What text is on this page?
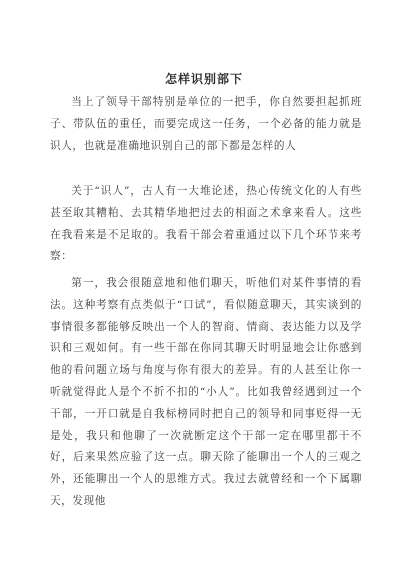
怎样识别部下

当上了领导干部特别是单位的一把手，你自然要担起抓班子、带队伍的重任，而要完成这一任务，一个必备的能力就是识人，也就是准确地识别自己的部下都是怎样的人

关于“识人”，古人有一大堆论述，热心传统文化的人有些甚至取其糟粕、去其精华地把过去的相面之术拿来看人。这些在我看来是不足取的。我看干部会着重通过以下几个环节来考察：

第一，我会很随意地和他们聊天，听他们对某件事情的看法。这种考察有点类似于“口试”，看似随意聊天，其实谈到的事情很多都能够反映出一个人的智商、情商、表达能力以及学识和三观如何。有一些干部在你同其聊天时明显地会让你感到他的看问题立场与角度与你有很大的差异。有的人甚至让你一听就觉得此人是个不折不扣的“小人”。比如我曾经遇到过一个干部，一开口就是自我标榜同时把自己的领导和同事贬得一无是处，我只和他聊了一次就断定这个干部一定在哪里都干不好，后来果然应验了这一点。聊天除了能聊出一个人的三观之外，还能聊出一个人的思维方式。我过去就曾经和一个下属聊天，发现他
